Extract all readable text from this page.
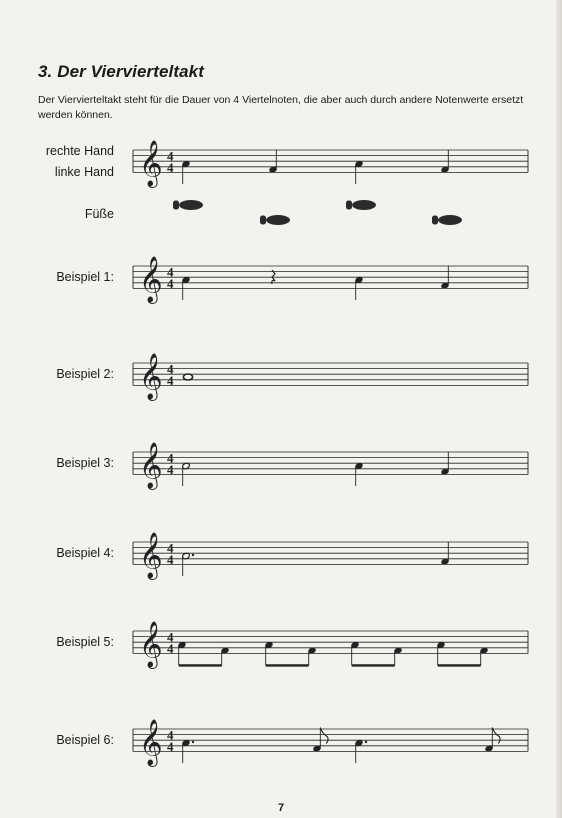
3. Der Viervierteltakt

Der Viervierteltakt steht für die Dauer von 4 Viertelnoten, die aber auch durch andere Notenwerte ersetzt werden können.

rechte Hand
linke Hand
Füße
Beispiel 1:
Beispiel 2:
Beispiel 3:
Beispiel 4:
Beispiel 5:
Beispiel 6:
𝄞 4
4
𝄞 4
4
𝄞 4
4
𝄞 4
4
𝄞 4
4
𝄞 4
4
𝄞 4
4
7
